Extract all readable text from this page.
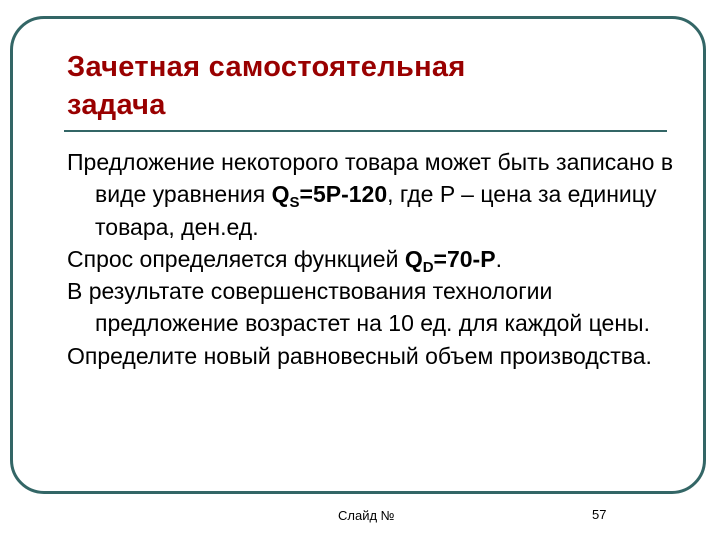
Зачетная самостоятельная
задача

Предложение некоторого товара может быть записано в виде уравнения $Q_S=5P-120$, где P – цена за единицу товара, ден.ед.

Спрос определяется функцией $Q_D=70-P$.

В результате совершенствования технологии предложение возрастет на 10 ед. для каждой цены.

Определите новый равновесный объем производства.

Слайд №	57
